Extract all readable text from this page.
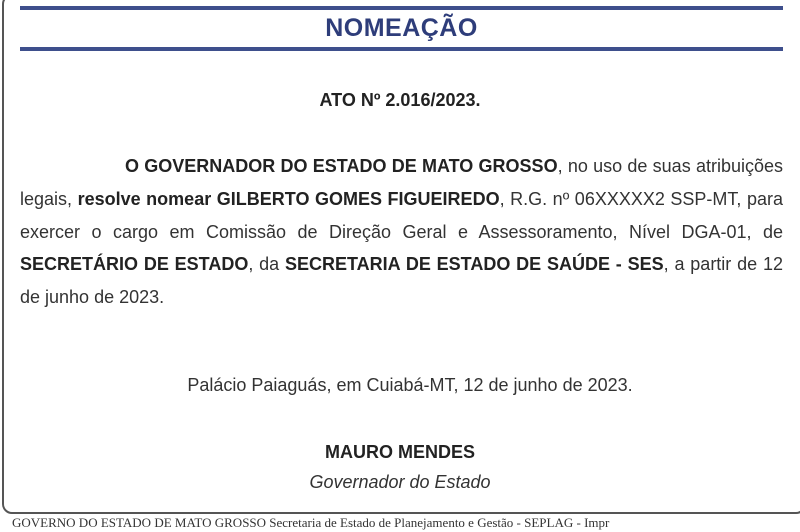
NOMEAÇÃO
ATO Nº 2.016/2023.
O GOVERNADOR DO ESTADO DE MATO GROSSO, no uso de suas atribuições legais, resolve nomear GILBERTO GOMES FIGUEIREDO, R.G. nº 06XXXXX2 SSP-MT, para exercer o cargo em Comissão de Direção Geral e Assessoramento, Nível DGA-01, de SECRETÁRIO DE ESTADO, da SECRETARIA DE ESTADO DE SAÚDE - SES, a partir de 12 de junho de 2023.
Palácio Paiaguás, em Cuiabá-MT, 12 de junho de 2023.
MAURO MENDES
Governador do Estado
GOVERNO DO ESTADO DE MATO GROSSO Secretaria de Estado de Planejamento e Gestão - SEPLAG - Impr
